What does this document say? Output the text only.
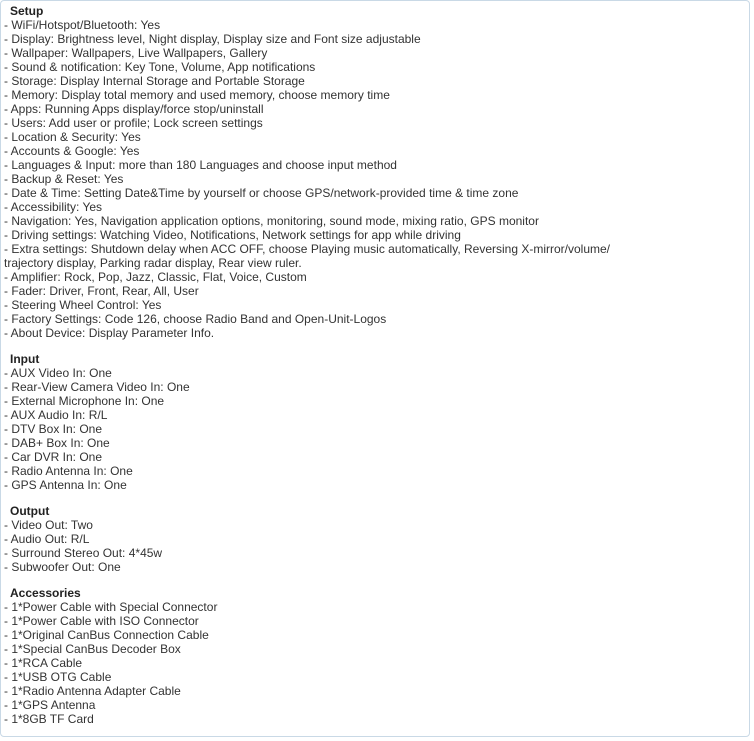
Setup
- WiFi/Hotspot/Bluetooth: Yes
- Display: Brightness level, Night display, Display size and Font size adjustable
- Wallpaper: Wallpapers, Live Wallpapers, Gallery
- Sound & notification: Key Tone, Volume, App notifications
- Storage: Display Internal Storage and Portable Storage
- Memory: Display total memory and used memory, choose memory time
- Apps: Running Apps display/force stop/uninstall
- Users: Add user or profile; Lock screen settings
- Location & Security: Yes
- Accounts & Google: Yes
- Languages & Input: more than 180 Languages and choose input method
- Backup & Reset: Yes
- Date & Time: Setting Date&Time by yourself or choose GPS/network-provided time & time zone
- Accessibility: Yes
- Navigation: Yes, Navigation application options, monitoring, sound mode, mixing ratio, GPS monitor
- Driving settings: Watching Video, Notifications, Network settings for app while driving
- Extra settings: Shutdown delay when ACC OFF, choose Playing music automatically, Reversing X-mirror/volume/ trajectory display, Parking radar display, Rear view ruler.
- Amplifier: Rock, Pop, Jazz, Classic, Flat, Voice, Custom
- Fader: Driver, Front, Rear, All, User
- Steering Wheel Control: Yes
- Factory Settings: Code 126, choose Radio Band and Open-Unit-Logos
- About Device: Display Parameter Info.
Input
- AUX Video In: One
- Rear-View Camera Video In: One
- External Microphone In: One
- AUX Audio In: R/L
- DTV Box In: One
- DAB+ Box In: One
- Car DVR In: One
- Radio Antenna In: One
- GPS Antenna In: One
Output
- Video Out: Two
- Audio Out: R/L
- Surround Stereo Out: 4*45w
- Subwoofer Out: One
Accessories
- 1*Power Cable with Special Connector
- 1*Power Cable with ISO Connector
- 1*Original CanBus Connection Cable
- 1*Special CanBus Decoder Box
- 1*RCA Cable
- 1*USB OTG Cable
- 1*Radio Antenna Adapter Cable
- 1*GPS Antenna
- 1*8GB TF Card
